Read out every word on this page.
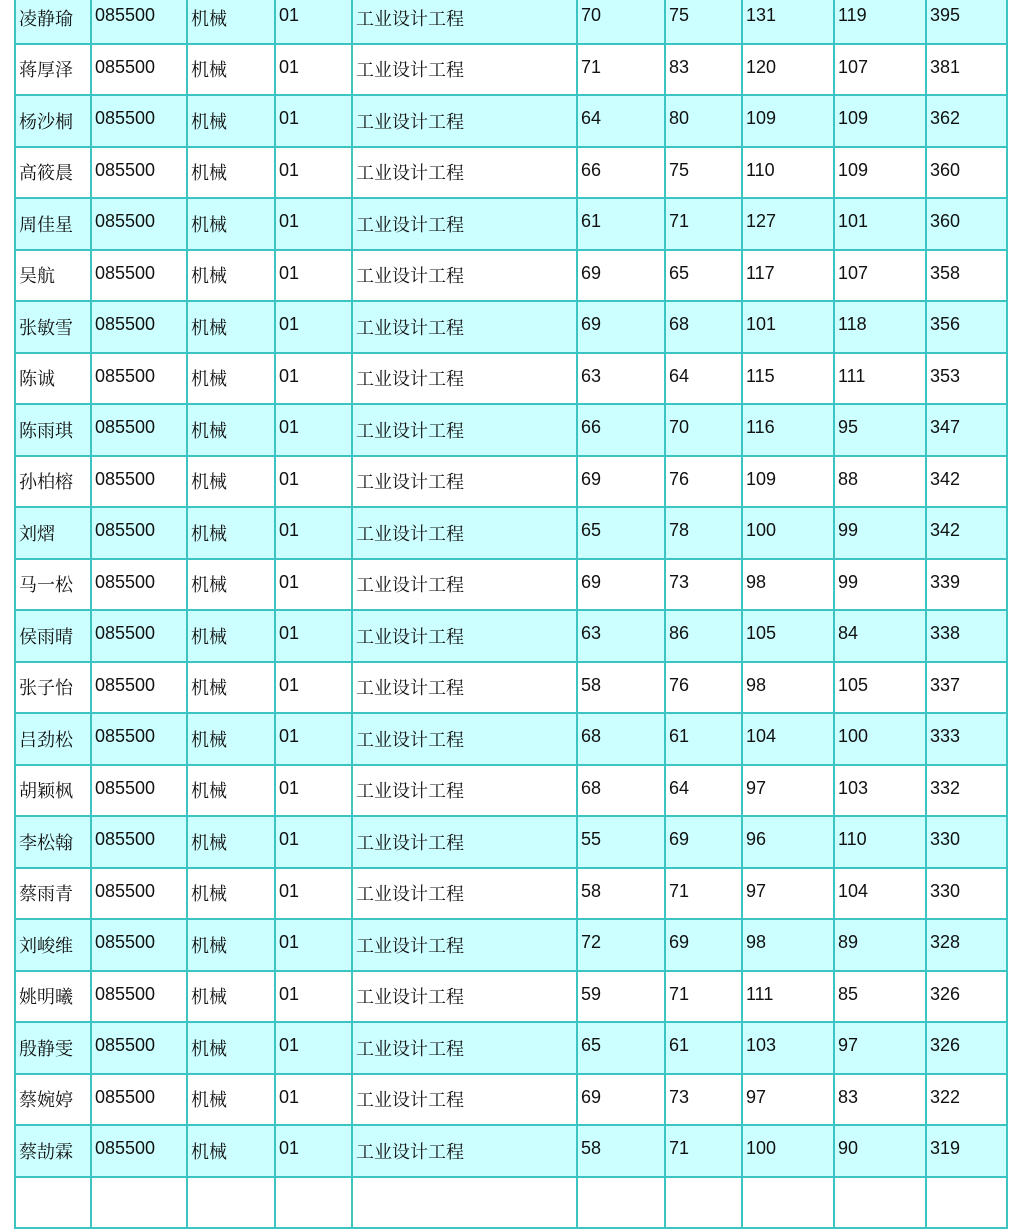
凌静瑜	085500	机械	01	工业设计工程	70	75	131	119	395
蒋厚泽	085500	机械	01	工业设计工程	71	83	120	107	381
杨沙桐	085500	机械	01	工业设计工程	64	80	109	109	362
高筱晨	085500	机械	01	工业设计工程	66	75	110	109	360
周佳星	085500	机械	01	工业设计工程	61	71	127	101	360
吴航	085500	机械	01	工业设计工程	69	65	117	107	358
张敏雪	085500	机械	01	工业设计工程	69	68	101	118	356
陈诚	085500	机械	01	工业设计工程	63	64	115	111	353
陈雨琪	085500	机械	01	工业设计工程	66	70	116	95	347
孙柏榕	085500	机械	01	工业设计工程	69	76	109	88	342
刘熠	085500	机械	01	工业设计工程	65	78	100	99	342
马一松	085500	机械	01	工业设计工程	69	73	98	99	339
侯雨晴	085500	机械	01	工业设计工程	63	86	105	84	338
张子怡	085500	机械	01	工业设计工程	58	76	98	105	337
吕劲松	085500	机械	01	工业设计工程	68	61	104	100	333
胡颖枫	085500	机械	01	工业设计工程	68	64	97	103	332
李松翰	085500	机械	01	工业设计工程	55	69	96	110	330
蔡雨青	085500	机械	01	工业设计工程	58	71	97	104	330
刘峻维	085500	机械	01	工业设计工程	72	69	98	89	328
姚明曦	085500	机械	01	工业设计工程	59	71	111	85	326
殷静雯	085500	机械	01	工业设计工程	65	61	103	97	326
蔡婉婷	085500	机械	01	工业设计工程	69	73	97	83	322
蔡劼霖	085500	机械	01	工业设计工程	58	71	100	90	319
